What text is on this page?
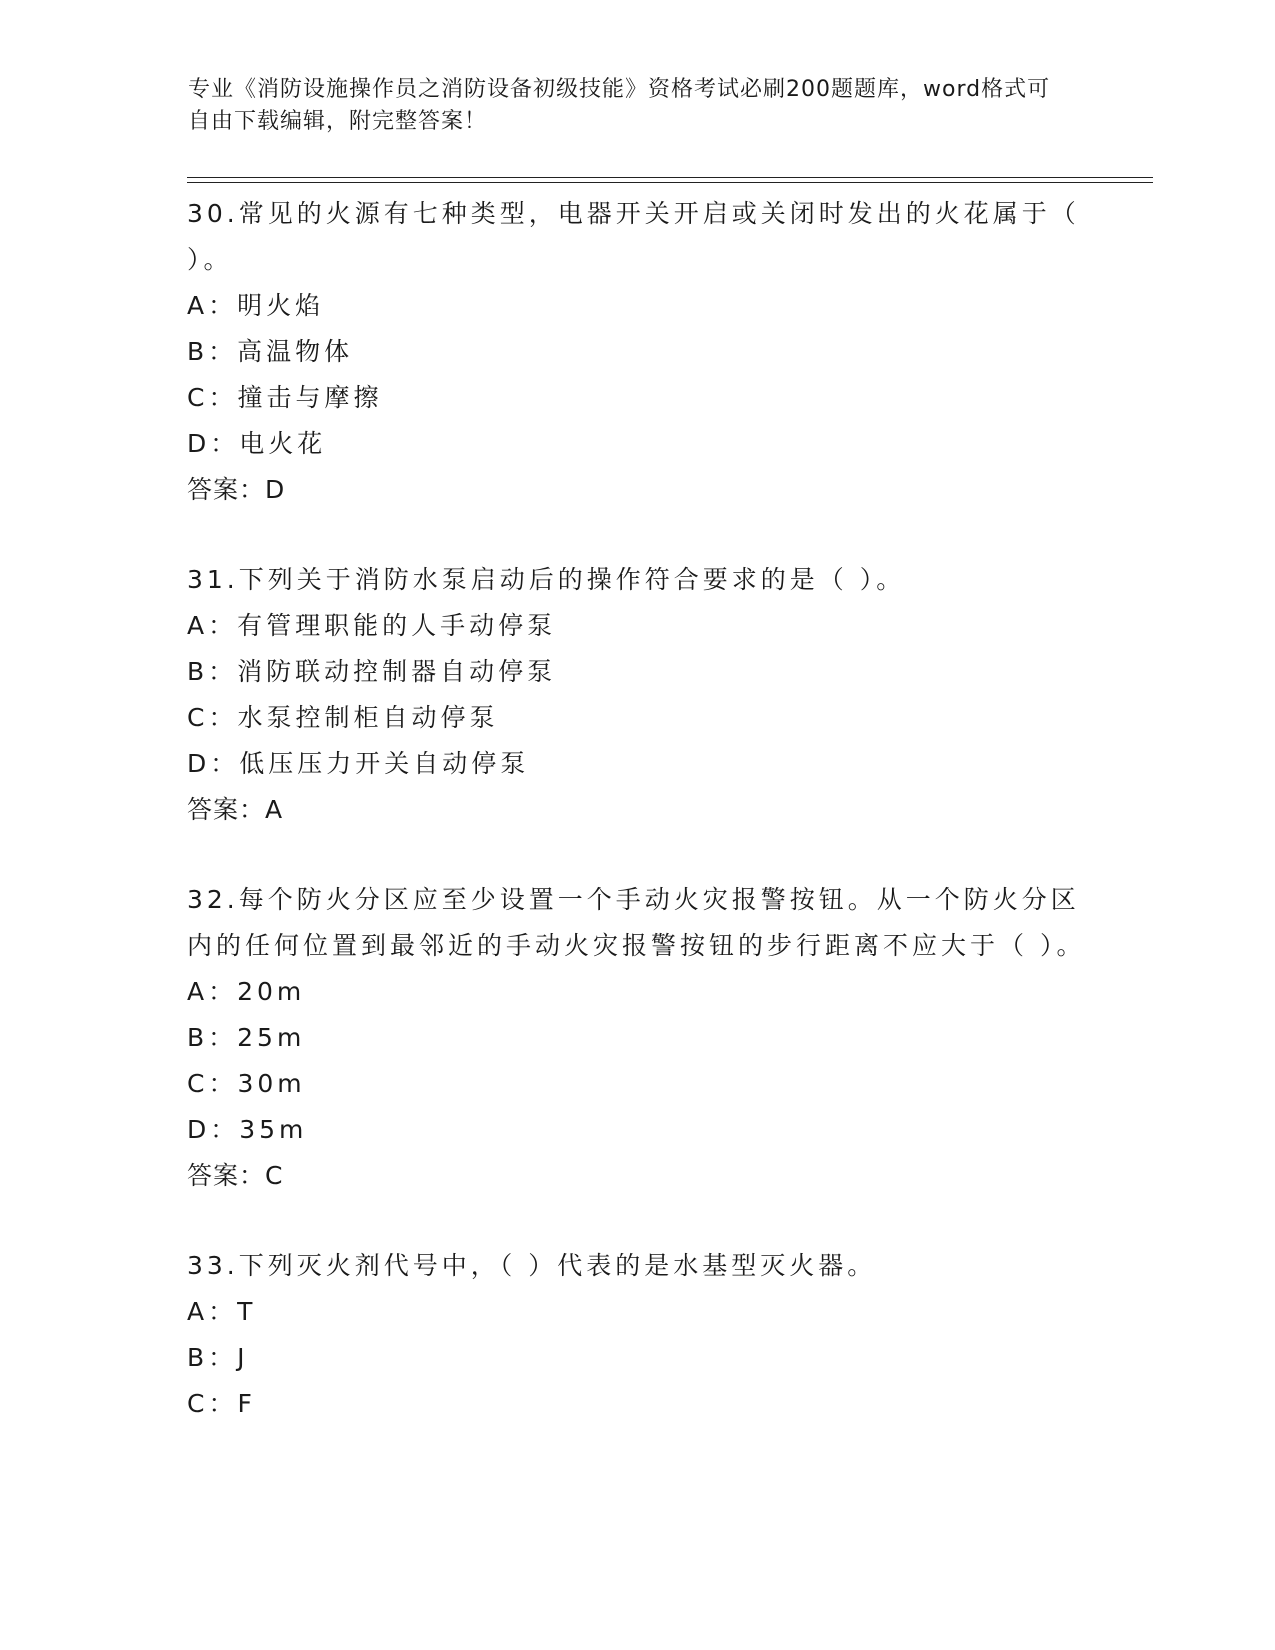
专业《消防设施操作员之消防设备初级技能》资格考试必刷200题题库，word格式可自由下载编辑，附完整答案！

30.常见的火源有七种类型，电器开关开启或关闭时发出的火花属于（ ）。

A：明火焰
B：高温物体
C：撞击与摩擦
D：电火花

答案：D

31.下列关于消防水泵启动后的操作符合要求的是（ ）。

A：有管理职能的人手动停泵
B：消防联动控制器自动停泵
C：水泵控制柜自动停泵
D：低压压力开关自动停泵

答案：A

32.每个防火分区应至少设置一个手动火灾报警按钮。从一个防火分区内的任何位置到最邻近的手动火灾报警按钮的步行距离不应大于（ ）。

A：20m
B：25m
C：30m
D：35m

答案：C

33.下列灭火剂代号中，（ ）代表的是水基型灭火器。

A：T
B：J
C：F
